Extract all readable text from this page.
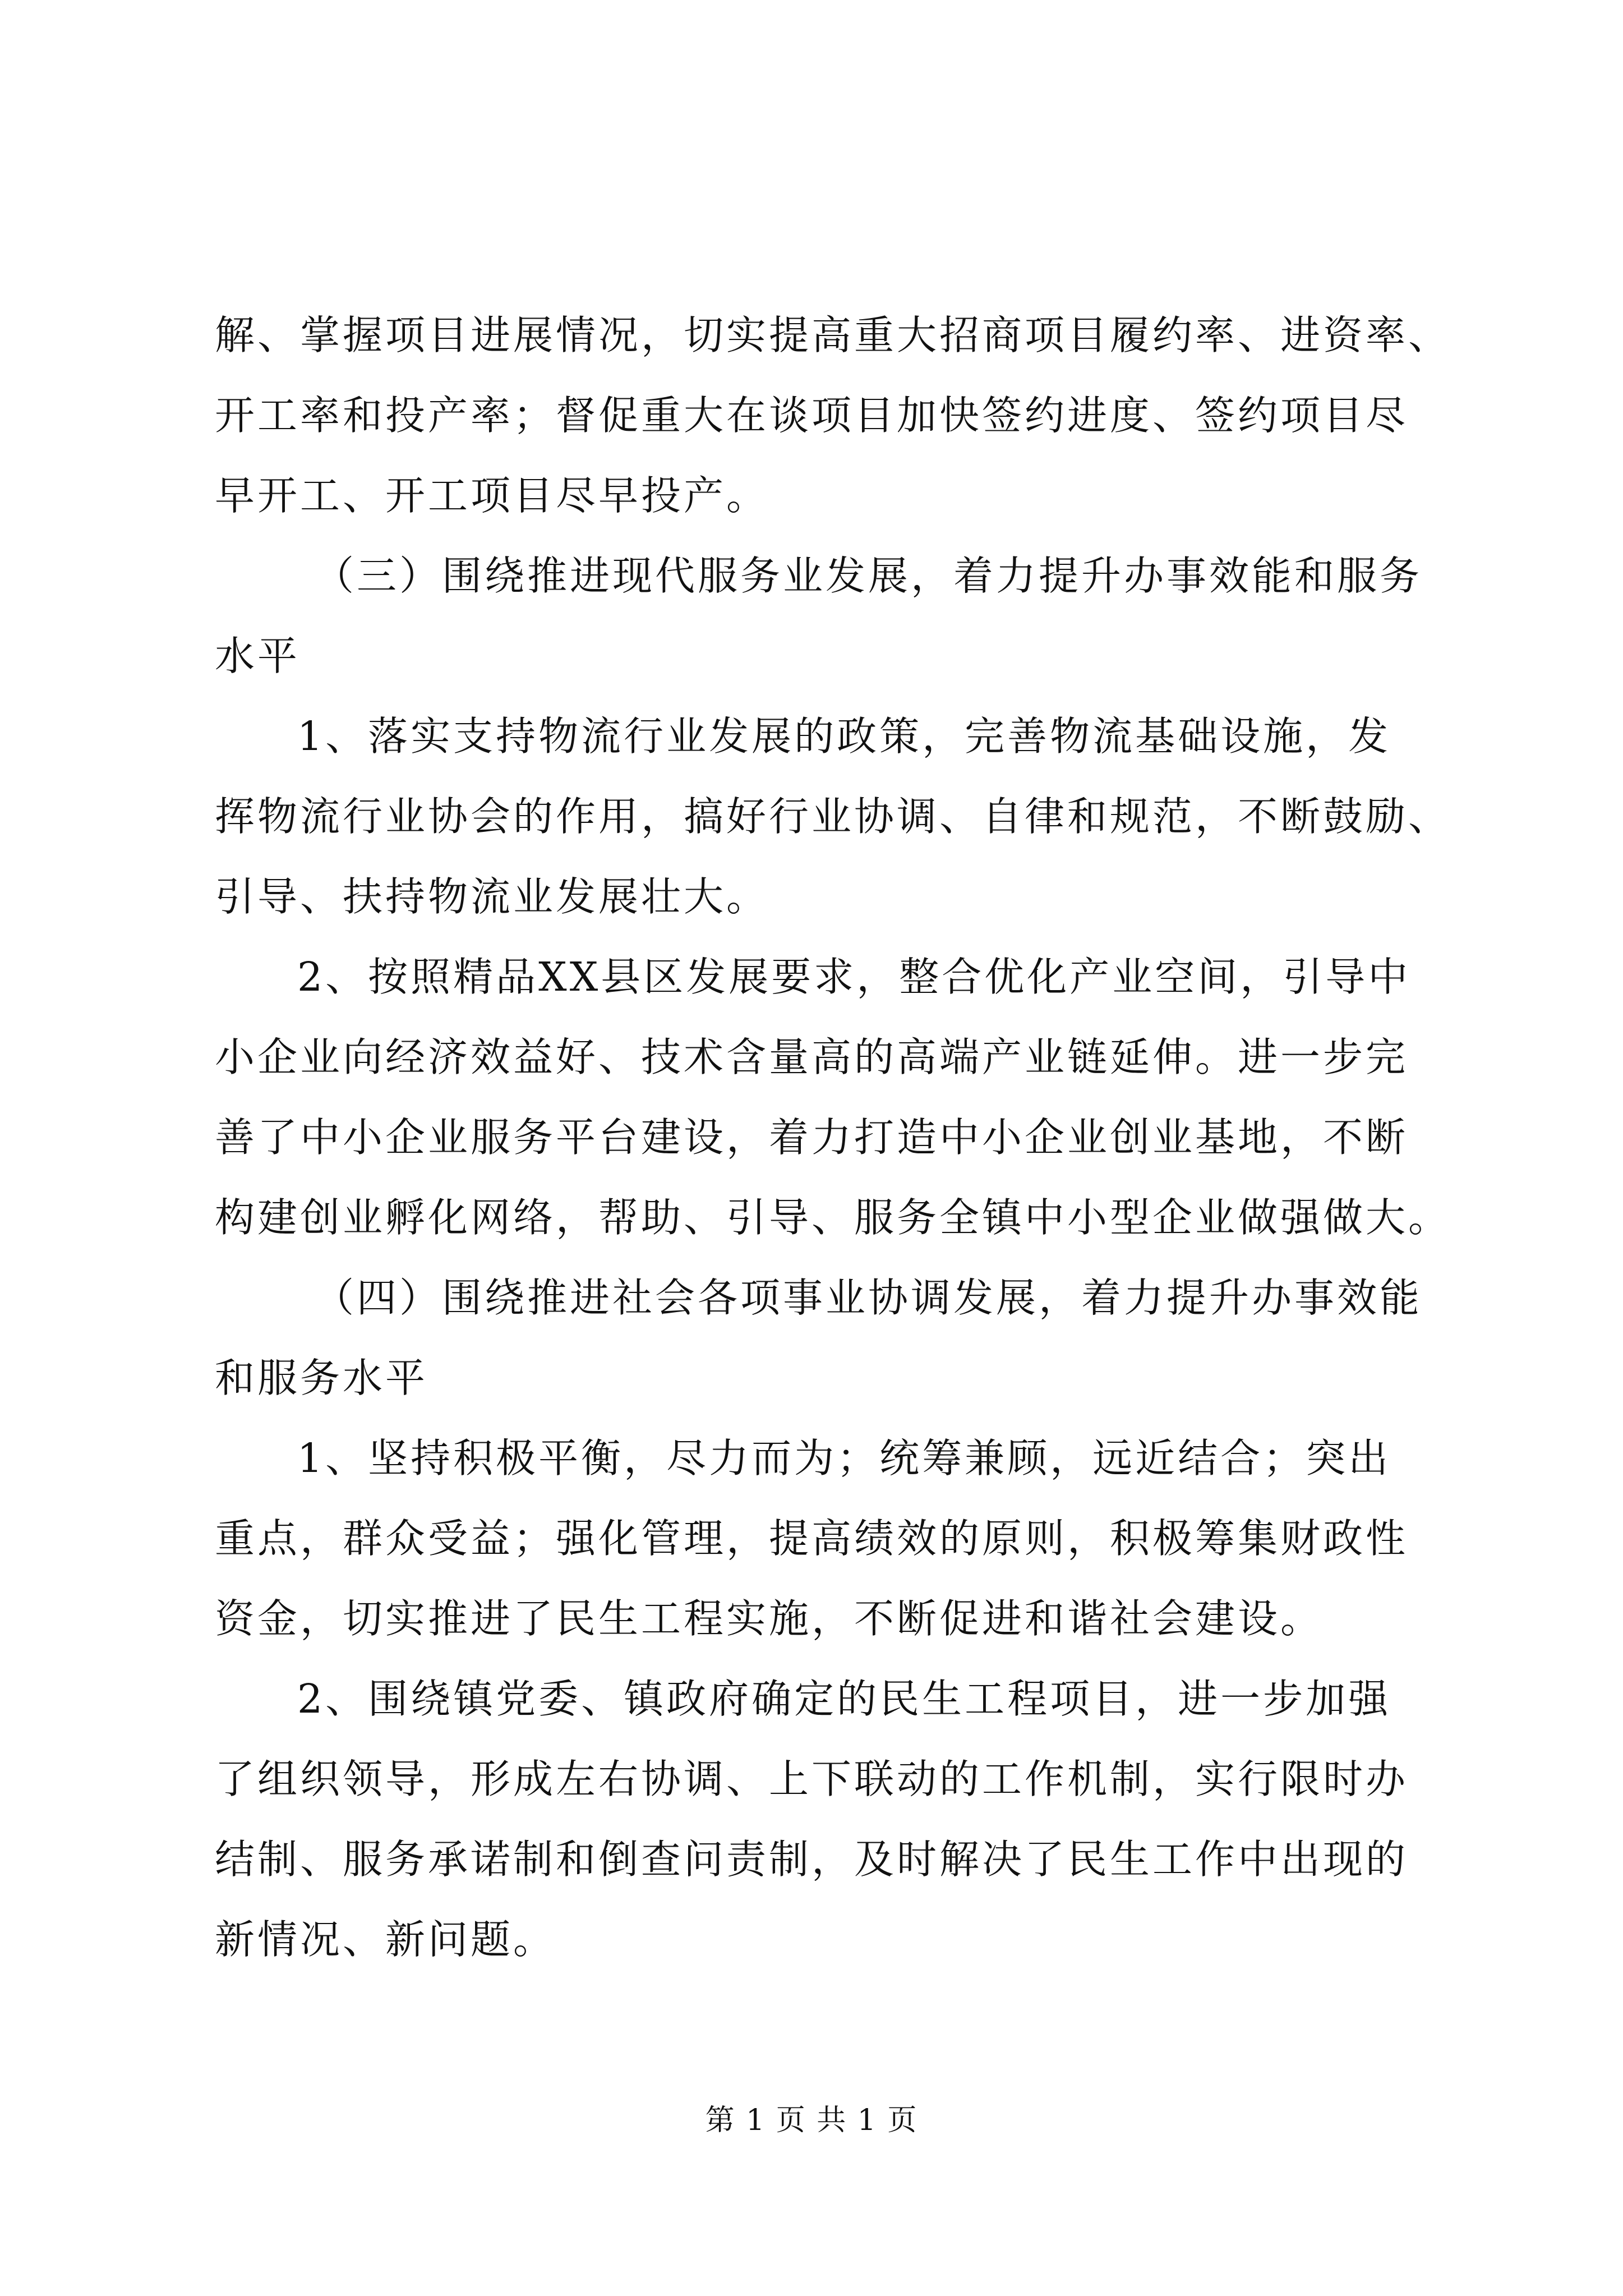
解、掌握项目进展情况，切实提高重大招商项目履约率、进资率、
开工率和投产率；督促重大在谈项目加快签约进度、签约项目尽
早开工、开工项目尽早投产。
（三）围绕推进现代服务业发展，着力提升办事效能和服务
水平
1、落实支持物流行业发展的政策，完善物流基础设施，发
挥物流行业协会的作用，搞好行业协调、自律和规范，不断鼓励、
引导、扶持物流业发展壮大。
2、按照精品XX县区发展要求，整合优化产业空间，引导中
小企业向经济效益好、技术含量高的高端产业链延伸。进一步完
善了中小企业服务平台建设，着力打造中小企业创业基地，不断
构建创业孵化网络，帮助、引导、服务全镇中小型企业做强做大。
（四）围绕推进社会各项事业协调发展，着力提升办事效能
和服务水平
1、坚持积极平衡，尽力而为；统筹兼顾，远近结合；突出
重点，群众受益；强化管理，提高绩效的原则，积极筹集财政性
资金，切实推进了民生工程实施，不断促进和谐社会建设。
2、围绕镇党委、镇政府确定的民生工程项目，进一步加强
了组织领导，形成左右协调、上下联动的工作机制，实行限时办
结制、服务承诺制和倒查问责制，及时解决了民生工作中出现的
新情况、新问题。
第 1 页 共 1 页
